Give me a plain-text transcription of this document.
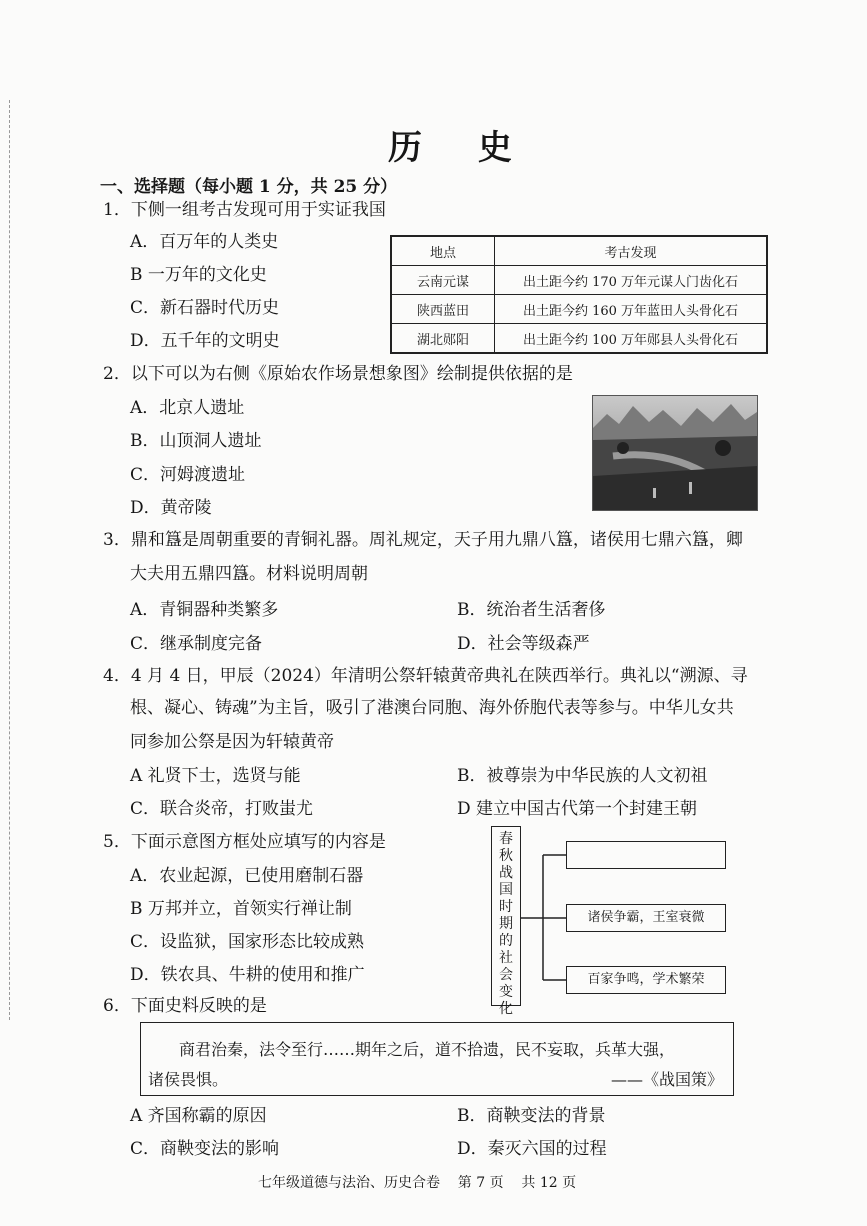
历 史
一、选择题（每小题 1 分，共 25 分）
1．下侧一组考古发现可用于实证我国
A．百万年的人类史
B 一万年的文化史
C．新石器时代历史
D．五千年的文明史
地点	考古发现
云南元谋	出土距今约 170 万年元谋人门齿化石
陕西蓝田	出土距今约 160 万年蓝田人头骨化石
湖北郧阳	出土距今约 100 万年郧县人头骨化石
2．以下可以为右侧《原始农作场景想象图》绘制提供依据的是
A．北京人遗址
B．山顶洞人遗址
C．河姆渡遗址
D．黄帝陵
3．鼎和簋是周朝重要的青铜礼器。周礼规定，天子用九鼎八簋，诸侯用七鼎六簋，卿
大夫用五鼎四簋。材料说明周朝
A．青铜器种类繁多	B．统治者生活奢侈
C．继承制度完备	D．社会等级森严
4．4 月 4 日，甲辰（2024）年清明公祭轩辕黄帝典礼在陕西举行。典礼以“溯源、寻
根、凝心、铸魂”为主旨，吸引了港澳台同胞、海外侨胞代表等参与。中华儿女共
同参加公祭是因为轩辕黄帝
A 礼贤下士，选贤与能	B．被尊崇为中华民族的人文初祖
C．联合炎帝，打败蚩尤	D 建立中国古代第一个封建王朝
5．下面示意图方框处应填写的内容是
A．农业起源，已使用磨制石器
B 万邦并立，首领实行禅让制
C．设监狱，国家形态比较成熟
D．铁农具、牛耕的使用和推广
春
秋
战
国
时
期
的
社
会
变
化
诸侯争霸，王室衰微
百家争鸣，学术繁荣
6．下面史料反映的是
商君治秦，法令至行……期年之后，道不拾遗，民不妄取，兵革大强，
诸侯畏惧。	——《战国策》
A 齐国称霸的原因	B．商鞅变法的背景
C．商鞅变法的影响	D．秦灭六国的过程
七年级道德与法治、历史合卷    第 7 页    共 12 页
